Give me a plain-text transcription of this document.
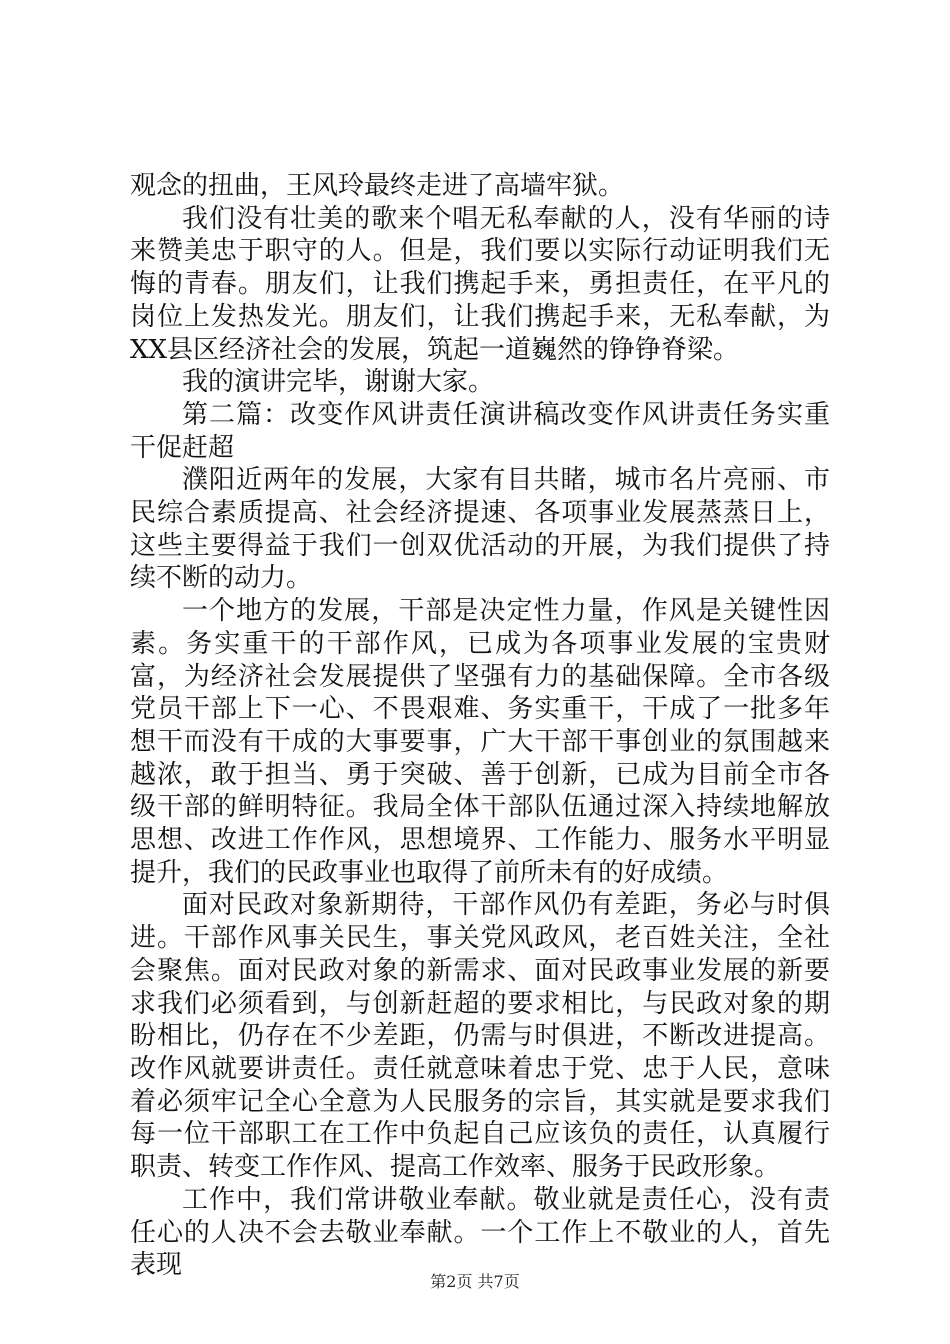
观念的扭曲，王风玲最终走进了高墙牢狱。

我们没有壮美的歌来个唱无私奉献的人，没有华丽的诗来赞美忠于职守的人。但是，我们要以实际行动证明我们无悔的青春。朋友们，让我们携起手来，勇担责任，在平凡的岗位上发热发光。朋友们，让我们携起手来，无私奉献，为XX县区经济社会的发展，筑起一道巍然的铮铮脊梁。

我的演讲完毕，谢谢大家。

第二篇：改变作风讲责任演讲稿改变作风讲责任务实重干促赶超

濮阳近两年的发展，大家有目共睹，城市名片亮丽、市民综合素质提高、社会经济提速、各项事业发展蒸蒸日上，这些主要得益于我们一创双优活动的开展，为我们提供了持续不断的动力。

一个地方的发展，干部是决定性力量，作风是关键性因素。务实重干的干部作风，已成为各项事业发展的宝贵财富，为经济社会发展提供了坚强有力的基础保障。全市各级党员干部上下一心、不畏艰难、务实重干，干成了一批多年想干而没有干成的大事要事，广大干部干事创业的氛围越来越浓，敢于担当、勇于突破、善于创新，已成为目前全市各级干部的鲜明特征。我局全体干部队伍通过深入持续地解放思想、改进工作作风，思想境界、工作能力、服务水平明显提升，我们的民政事业也取得了前所未有的好成绩。

面对民政对象新期待，干部作风仍有差距，务必与时俱进。干部作风事关民生，事关党风政风，老百姓关注，全社会聚焦。面对民政对象的新需求、面对民政事业发展的新要求我们必须看到，与创新赶超的要求相比，与民政对象的期盼相比，仍存在不少差距，仍需与时俱进，不断改进提高。改作风就要讲责任。责任就意味着忠于党、忠于人民，意味着必须牢记全心全意为人民服务的宗旨，其实就是要求我们每一位干部职工在工作中负起自己应该负的责任，认真履行职责、转变工作作风、提高工作效率、服务于民政形象。

工作中，我们常讲敬业奉献。敬业就是责任心，没有责任心的人决不会去敬业奉献。一个工作上不敬业的人，首先表现

第2页 共7页
